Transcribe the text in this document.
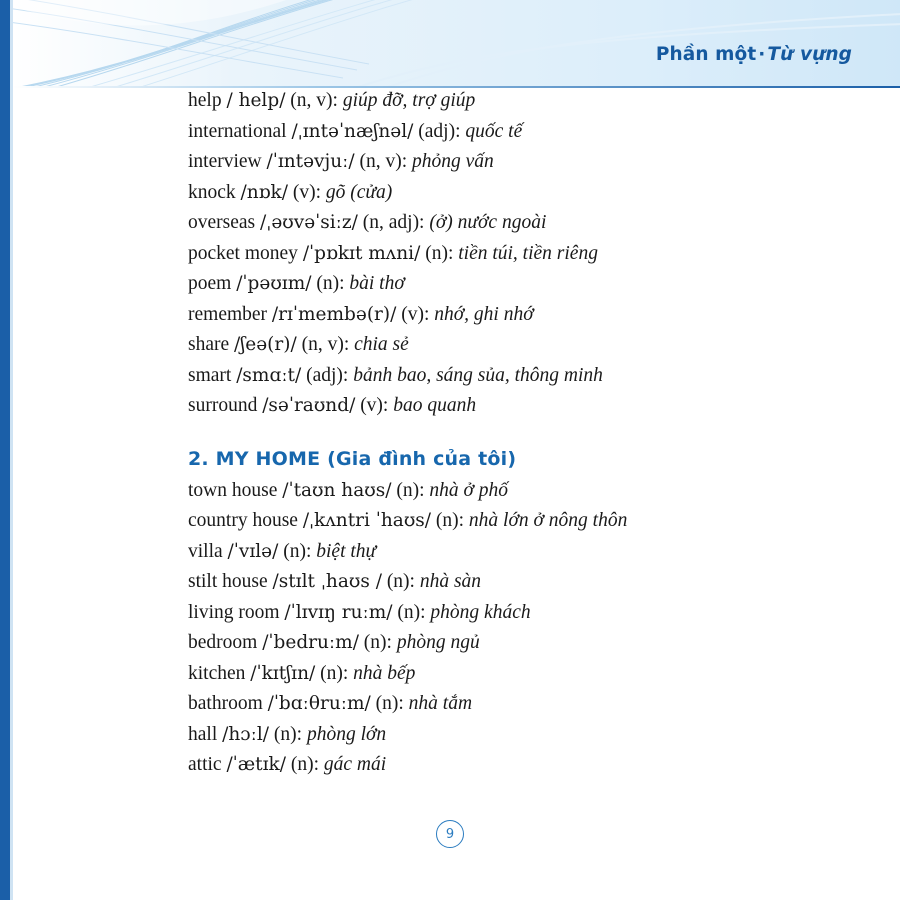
Phần một · Từ vựng

help / help/ (n, v): giúp đỡ, trợ giúp

international /ˌɪntəˈnæʃnəl/ (adj): quốc tế

interview /ˈɪntəvjuː/ (n, v): phỏng vấn

knock /nɒk/ (v): gõ (cửa)

overseas /ˌəʊvəˈsiːz/ (n, adj): (ở) nước ngoài

pocket money /ˈpɒkɪt mʌni/ (n): tiền túi, tiền riêng

poem /ˈpəʊɪm/ (n): bài thơ

remember /rɪˈmembə(r)/ (v): nhớ, ghi nhớ

share /ʃeə(r)/ (n, v): chia sẻ

smart /smɑːt/ (adj): bảnh bao, sáng sủa, thông minh

surround /səˈraʊnd/ (v): bao quanh

2. MY HOME (Gia đình của tôi)

town house /ˈtaʊn haʊs/ (n): nhà ở phố

country house /ˌkʌntri ˈhaʊs/ (n): nhà lớn ở nông thôn

villa /ˈvɪlə/ (n): biệt thự

stilt house /stɪlt ˌhaʊs / (n): nhà sàn

living room /ˈlɪvɪŋ ruːm/ (n): phòng khách

bedroom /ˈbedruːm/ (n): phòng ngủ

kitchen /ˈkɪtʃɪn/ (n): nhà bếp

bathroom /ˈbɑːθruːm/ (n): nhà tắm

hall /hɔːl/ (n): phòng lớn

attic /ˈætɪk/ (n): gác mái

9
